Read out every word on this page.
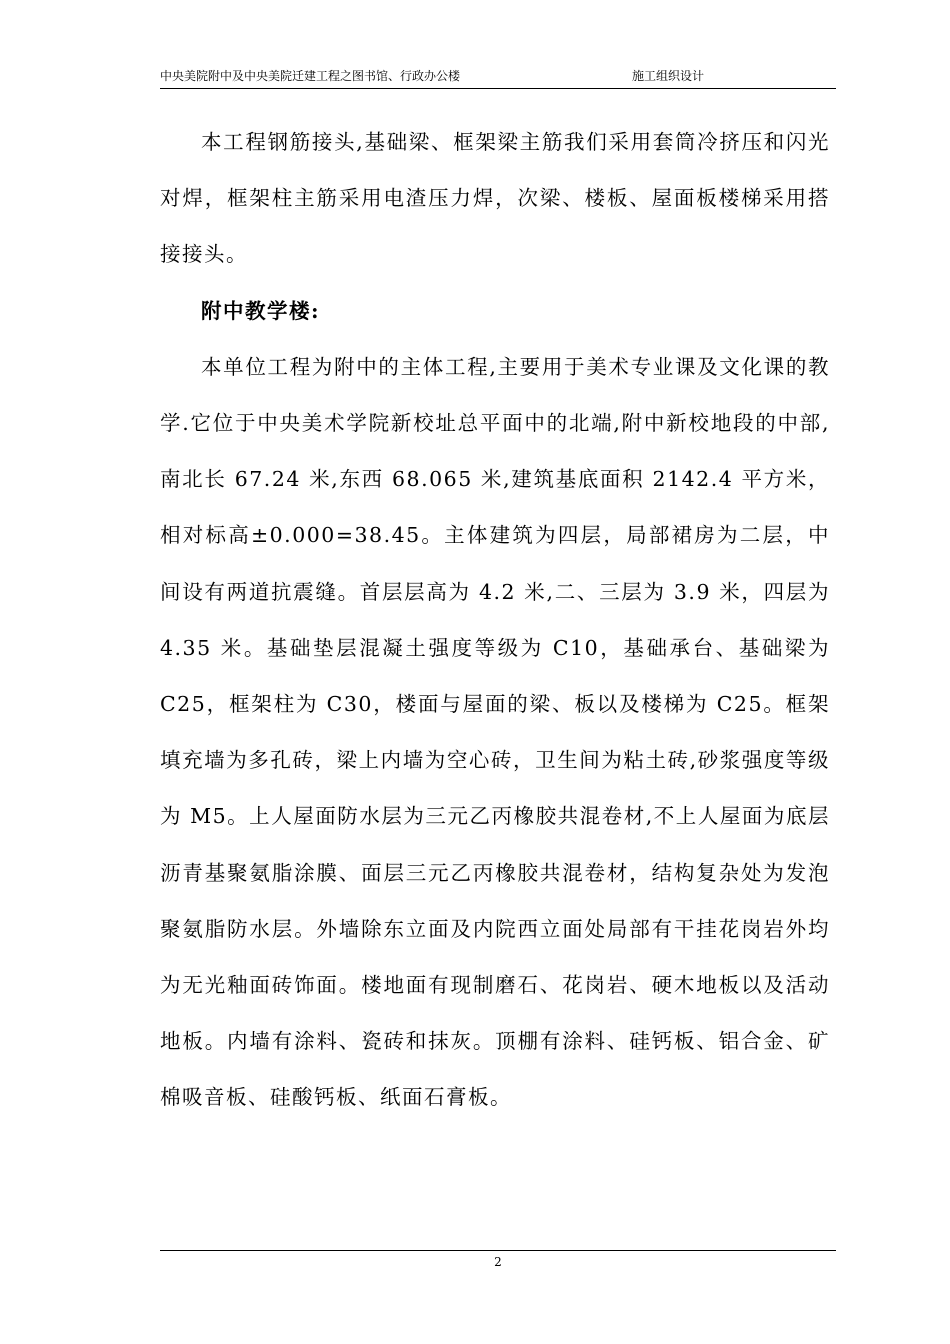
中央美院附中及中央美院迁建工程之图书馆、行政办公楼	施工组织设计

本工程钢筋接头,基础梁、框架梁主筋我们采用套筒冷挤压和闪光对焊，框架柱主筋采用电渣压力焊，次梁、楼板、屋面板楼梯采用搭接接头。

附中教学楼:

本单位工程为附中的主体工程,主要用于美术专业课及文化课的教学.它位于中央美术学院新校址总平面中的北端,附中新校地段的中部,南北长 67.24 米,东西 68.065 米,建筑基底面积 2142.4 平方米，相对标高±0.000=38.45。主体建筑为四层，局部裙房为二层，中间设有两道抗震缝。首层层高为 4.2 米,二、三层为 3.9 米，四层为 4.35 米。基础垫层混凝土强度等级为 C10，基础承台、基础梁为 C25，框架柱为 C30，楼面与屋面的梁、板以及楼梯为 C25。框架填充墙为多孔砖，梁上内墙为空心砖，卫生间为粘土砖,砂浆强度等级为 M5。上人屋面防水层为三元乙丙橡胶共混卷材,不上人屋面为底层沥青基聚氨脂涂膜、面层三元乙丙橡胶共混卷材，结构复杂处为发泡聚氨脂防水层。外墙除东立面及内院西立面处局部有干挂花岗岩外均为无光釉面砖饰面。楼地面有现制磨石、花岗岩、硬木地板以及活动地板。内墙有涂料、瓷砖和抹灰。顶棚有涂料、硅钙板、铝合金、矿棉吸音板、硅酸钙板、纸面石膏板。

2
